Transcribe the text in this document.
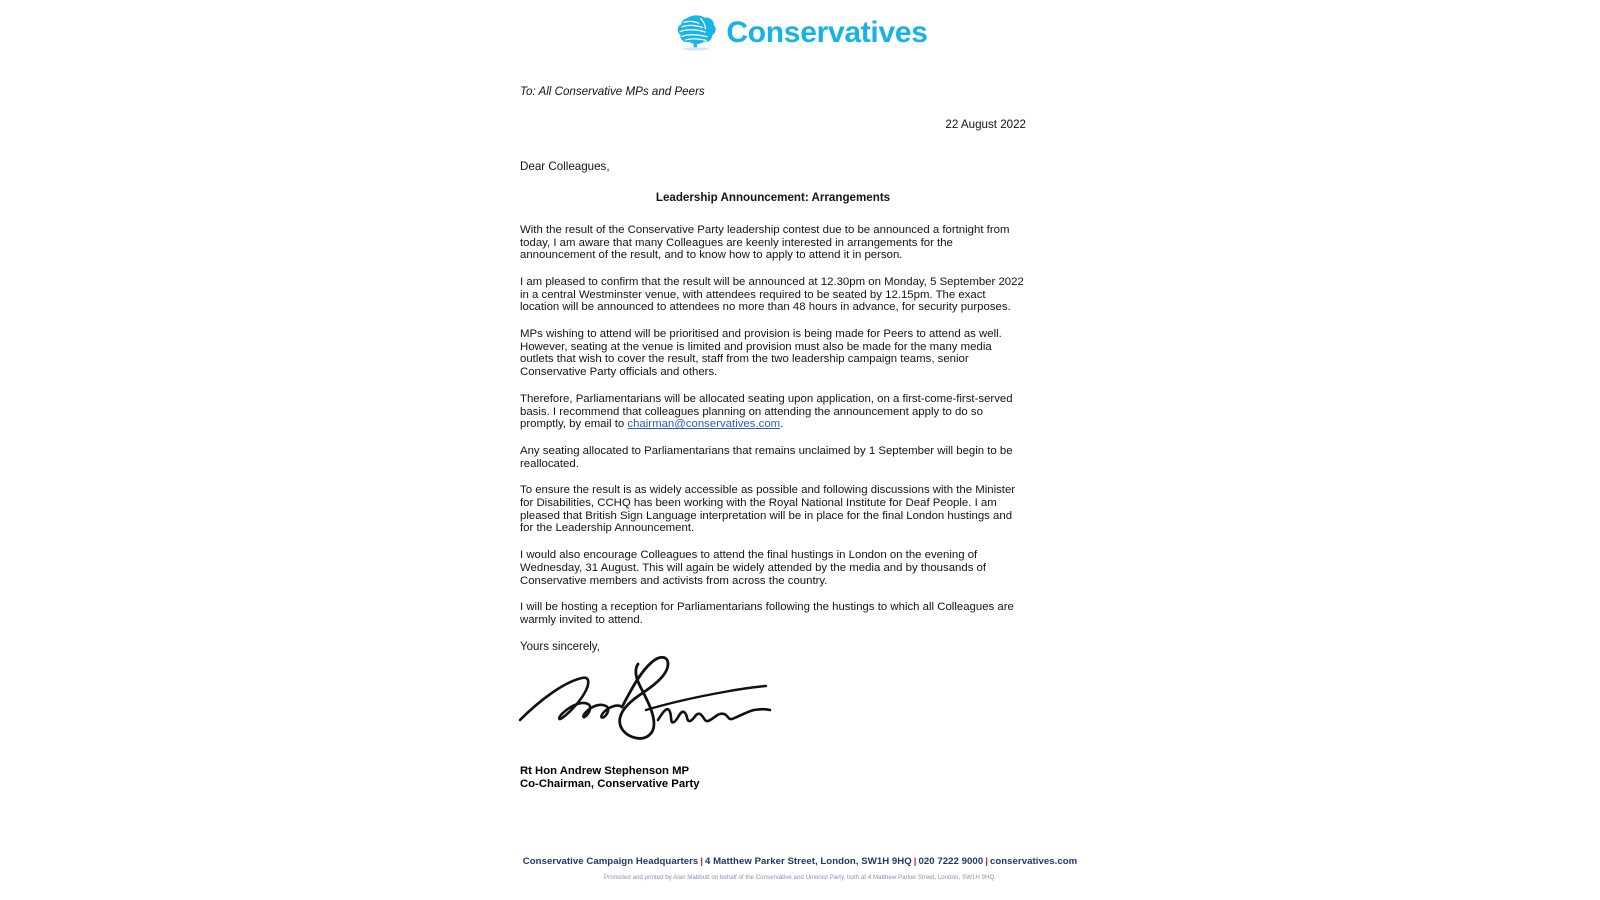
Conservatives

To: All Conservative MPs and Peers

22 August 2022

Dear Colleagues,

Leadership Announcement: Arrangements

With the result of the Conservative Party leadership contest due to be announced a fortnight from today, I am aware that many Colleagues are keenly interested in arrangements for the announcement of the result, and to know how to apply to attend it in person.

I am pleased to confirm that the result will be announced at 12.30pm on Monday, 5 September 2022 in a central Westminster venue, with attendees required to be seated by 12.15pm. The exact location will be announced to attendees no more than 48 hours in advance, for security purposes.

MPs wishing to attend will be prioritised and provision is being made for Peers to attend as well. However, seating at the venue is limited and provision must also be made for the many media outlets that wish to cover the result, staff from the two leadership campaign teams, senior Conservative Party officials and others.

Therefore, Parliamentarians will be allocated seating upon application, on a first-come-first-served basis. I recommend that colleagues planning on attending the announcement apply to do so promptly, by email to chairman@conservatives.com.

Any seating allocated to Parliamentarians that remains unclaimed by 1 September will begin to be reallocated.

To ensure the result is as widely accessible as possible and following discussions with the Minister for Disabilities, CCHQ has been working with the Royal National Institute for Deaf People. I am pleased that British Sign Language interpretation will be in place for the final London hustings and for the Leadership Announcement.

I would also encourage Colleagues to attend the final hustings in London on the evening of Wednesday, 31 August. This will again be widely attended by the media and by thousands of Conservative members and activists from across the country.

I will be hosting a reception for Parliamentarians following the hustings to which all Colleagues are warmly invited to attend.

Yours sincerely,

Rt Hon Andrew Stephenson MP
Co-Chairman, Conservative Party
Conservative Campaign Headquarters | 4 Matthew Parker Street, London, SW1H 9HQ | 020 7222 9000 | conservatives.com
Promoted and printed by Alan Mabbutt on behalf of the Conservative and Unionist Party, both at 4 Matthew Parker Street, London, SW1H 9HQ.
